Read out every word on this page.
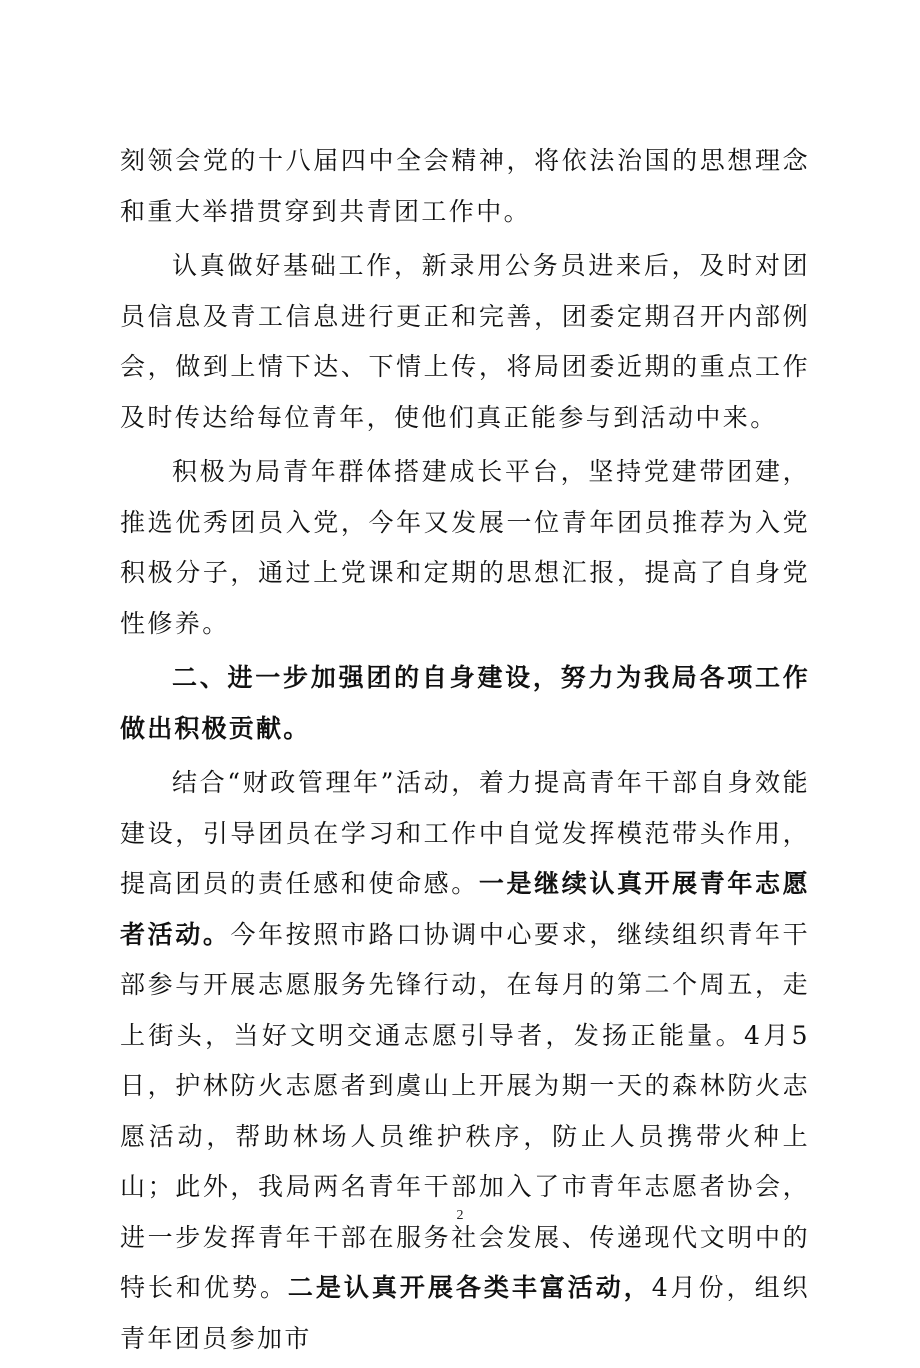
刻领会党的十八届四中全会精神，将依法治国的思想理念和重大举措贯穿到共青团工作中。

认真做好基础工作，新录用公务员进来后，及时对团员信息及青工信息进行更正和完善，团委定期召开内部例会，做到上情下达、下情上传，将局团委近期的重点工作及时传达给每位青年，使他们真正能参与到活动中来。

积极为局青年群体搭建成长平台，坚持党建带团建，推选优秀团员入党，今年又发展一位青年团员推荐为入党积极分子，通过上党课和定期的思想汇报，提高了自身党性修养。

二、进一步加强团的自身建设，努力为我局各项工作做出积极贡献。

结合“财政管理年”活动，着力提高青年干部自身效能建设，引导团员在学习和工作中自觉发挥模范带头作用，提高团员的责任感和使命感。一是继续认真开展青年志愿者活动。今年按照市路口协调中心要求，继续组织青年干部参与开展志愿服务先锋行动，在每月的第二个周五，走上街头，当好文明交通志愿引导者，发扬正能量。4月5日，护林防火志愿者到虞山上开展为期一天的森林防火志愿活动，帮助林场人员维护秩序，防止人员携带火种上山；此外，我局两名青年干部加入了市青年志愿者协会，进一步发挥青年干部在服务社会发展、传递现代文明中的特长和优势。二是认真开展各类丰富活动，4月份，组织青年团员参加市

2
